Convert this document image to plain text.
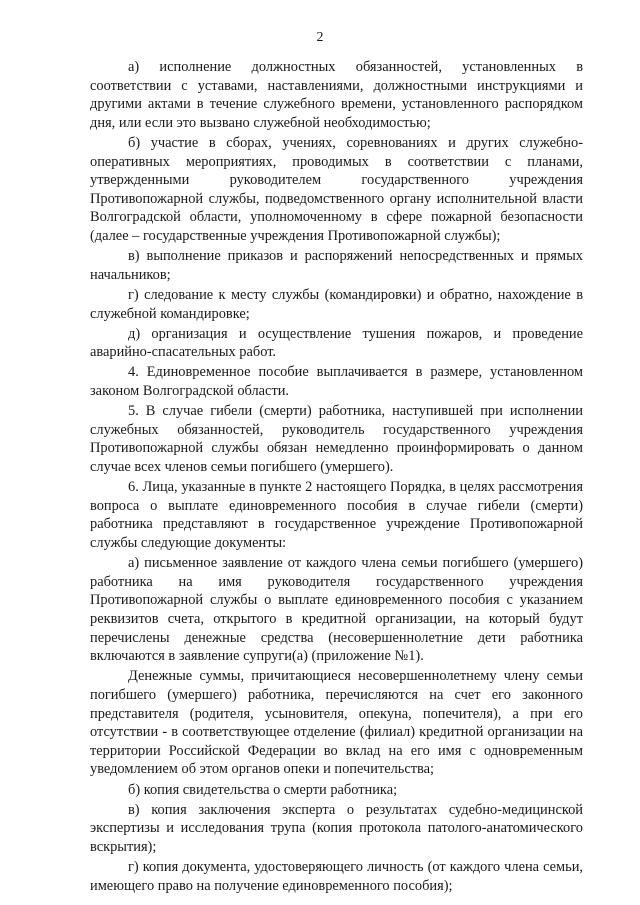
2

а) исполнение должностных обязанностей, установленных в соответствии с уставами, наставлениями, должностными инструкциями и другими актами в течение служебного времени, установленного распорядком дня, или если это вызвано служебной необходимостью;

б) участие в сборах, учениях, соревнованиях и других служебно-оперативных мероприятиях, проводимых в соответствии с планами, утвержденными руководителем государственного учреждения Противопожарной службы, подведомственного органу исполнительной власти Волгоградской области, уполномоченному в сфере пожарной безопасности (далее – государственные учреждения Противопожарной службы);

в) выполнение приказов и распоряжений непосредственных и прямых начальников;

г) следование к месту службы (командировки) и обратно, нахождение в служебной командировке;

д) организация и осуществление тушения пожаров, и проведение аварийно-спасательных работ.

4. Единовременное пособие выплачивается в размере, установленном законом Волгоградской области.

5. В случае гибели (смерти) работника, наступившей при исполнении служебных обязанностей, руководитель государственного учреждения Противопожарной службы обязан немедленно проинформировать о данном случае всех членов семьи погибшего (умершего).

6. Лица, указанные в пункте 2 настоящего Порядка, в целях рассмотрения вопроса о выплате единовременного пособия в случае гибели (смерти) работника представляют в государственное учреждение Противопожарной службы следующие документы:

а) письменное заявление от каждого члена семьи погибшего (умершего) работника на имя руководителя государственного учреждения Противопожарной службы о выплате единовременного пособия с указанием реквизитов счета, открытого в кредитной организации, на который будут перечислены денежные средства (несовершеннолетние дети работника включаются в заявление супруги(а) (приложение №1).

Денежные суммы, причитающиеся несовершеннолетнему члену семьи погибшего (умершего) работника, перечисляются на счет его законного представителя (родителя, усыновителя, опекуна, попечителя), а при его отсутствии - в соответствующее отделение (филиал) кредитной организации на территории Российской Федерации во вклад на его имя с одновременным уведомлением об этом органов опеки и попечительства;

б) копия свидетельства о смерти работника;

в) копия заключения эксперта о результатах судебно-медицинской экспертизы и исследования трупа (копия протокола патолого-анатомического вскрытия);

г) копия документа, удостоверяющего личность (от каждого члена семьи, имеющего право на получение единовременного пособия);
